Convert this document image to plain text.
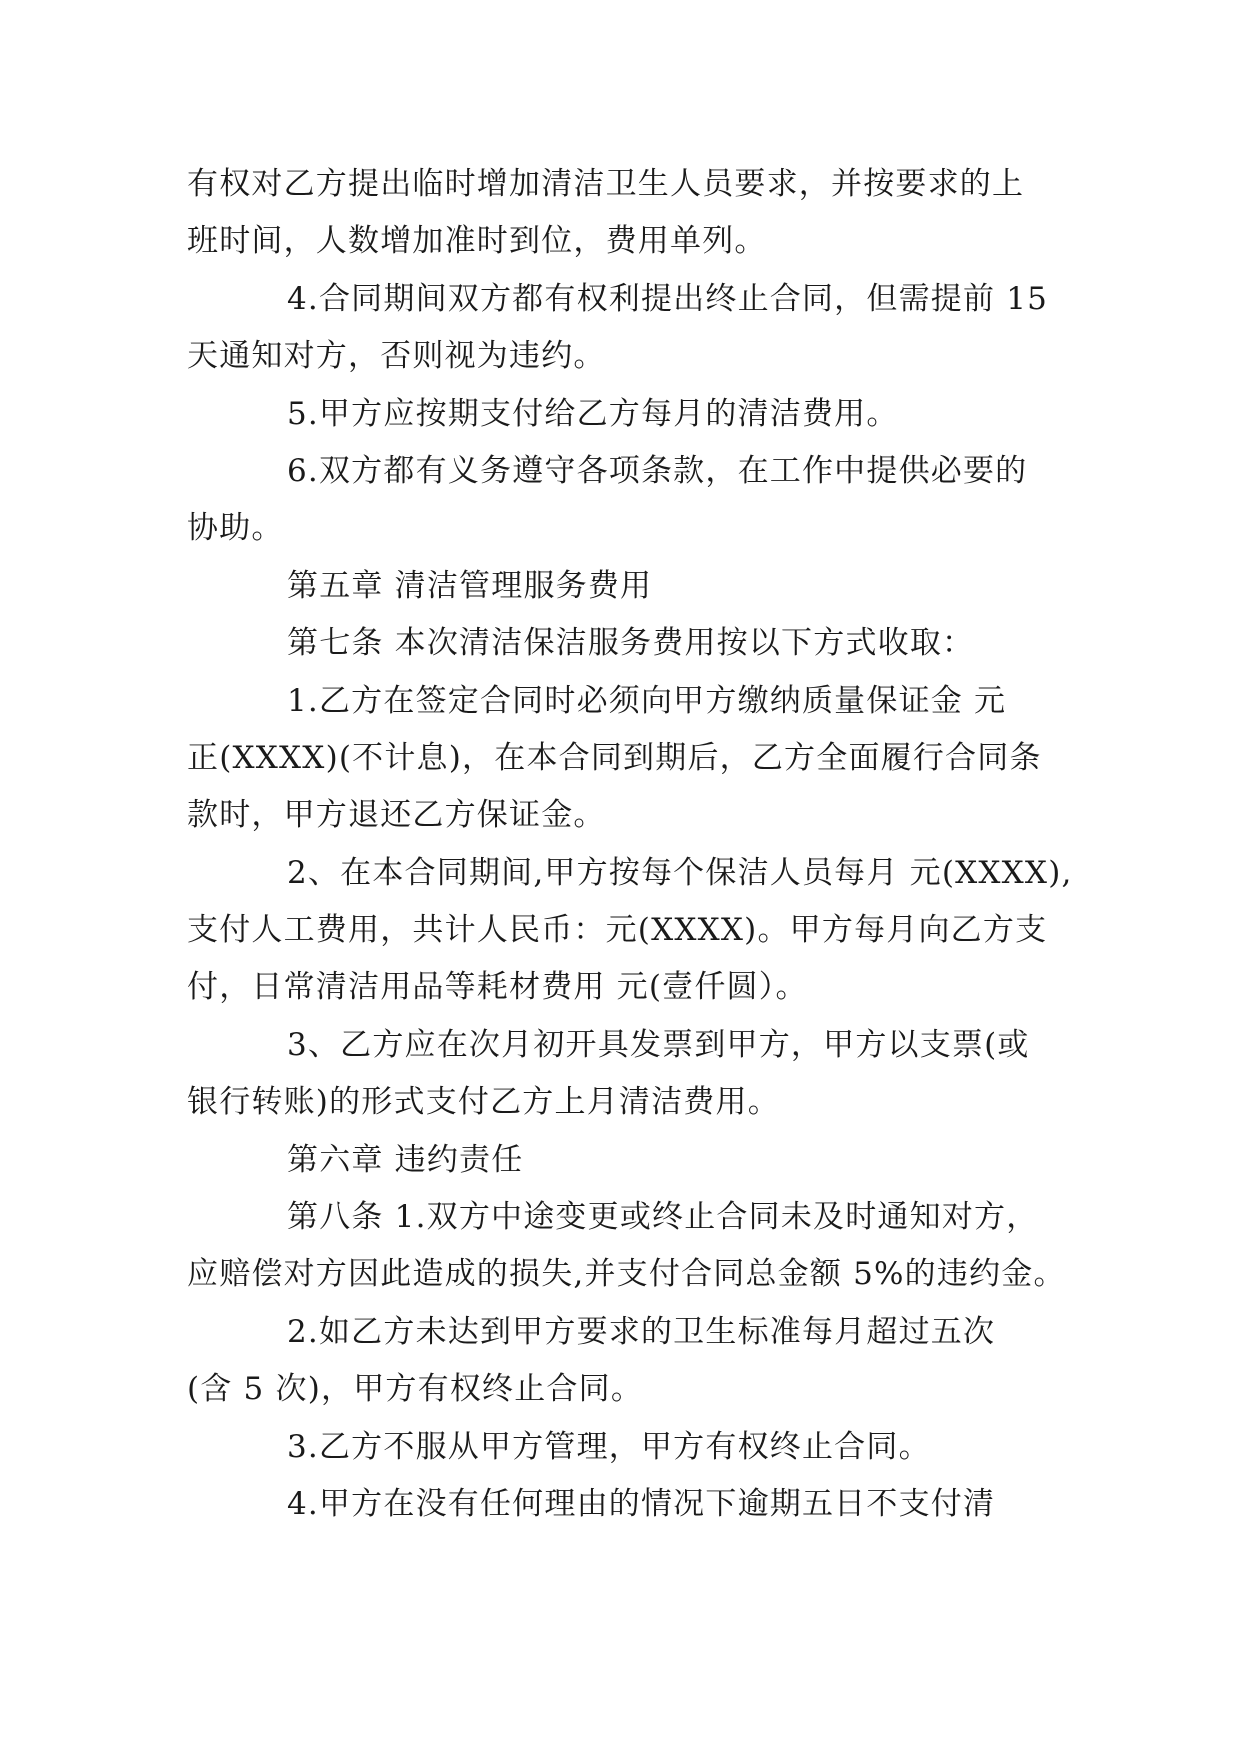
有权对乙方提出临时增加清洁卫生人员要求，并按要求的上
班时间，人数增加准时到位，费用单列。
4.合同期间双方都有权利提出终止合同，但需提前 15
天通知对方，否则视为违约。
5.甲方应按期支付给乙方每月的清洁费用。
6.双方都有义务遵守各项条款，在工作中提供必要的
协助。
第五章 清洁管理服务费用
第七条 本次清洁保洁服务费用按以下方式收取：
1.乙方在签定合同时必须向甲方缴纳质量保证金 元
正(XXXX)(不计息)，在本合同到期后，乙方全面履行合同条
款时，甲方退还乙方保证金。
2、在本合同期间,甲方按每个保洁人员每月 元(XXXX),
支付人工费用，共计人民币：元(XXXX)。甲方每月向乙方支
付，日常清洁用品等耗材费用 元(壹仟圆）。
3、乙方应在次月初开具发票到甲方，甲方以支票(或
银行转账)的形式支付乙方上月清洁费用。
第六章 违约责任
第八条 1.双方中途变更或终止合同未及时通知对方，
应赔偿对方因此造成的损失,并支付合同总金额 5%的违约金。
2.如乙方未达到甲方要求的卫生标准每月超过五次
(含 5 次)，甲方有权终止合同。
3.乙方不服从甲方管理，甲方有权终止合同。
4.甲方在没有任何理由的情况下逾期五日不支付清
